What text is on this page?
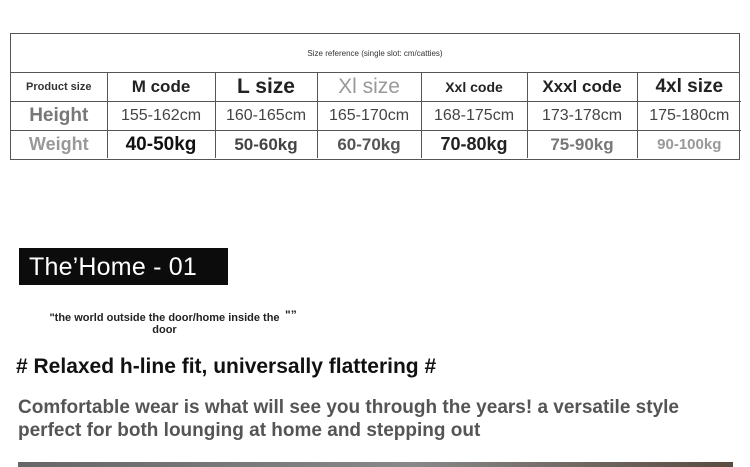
Size reference (single slot: cm/catties)
Product size	M code	L size	Xl size	Xxl code	Xxxl code	4xl size
Height	155-162cm	160-165cm	165-170cm	168-175cm	173-178cm	175-180cm
Weight	40-50kg	50-60kg	60-70kg	70-80kg	75-90kg	90-100kg
The’Home - 01
"the world outside the door/home inside the
door
"”
# Relaxed h-line fit, universally flattering #
Comfortable wear is what will see you through the years! a versatile style perfect for both lounging at home and stepping out
